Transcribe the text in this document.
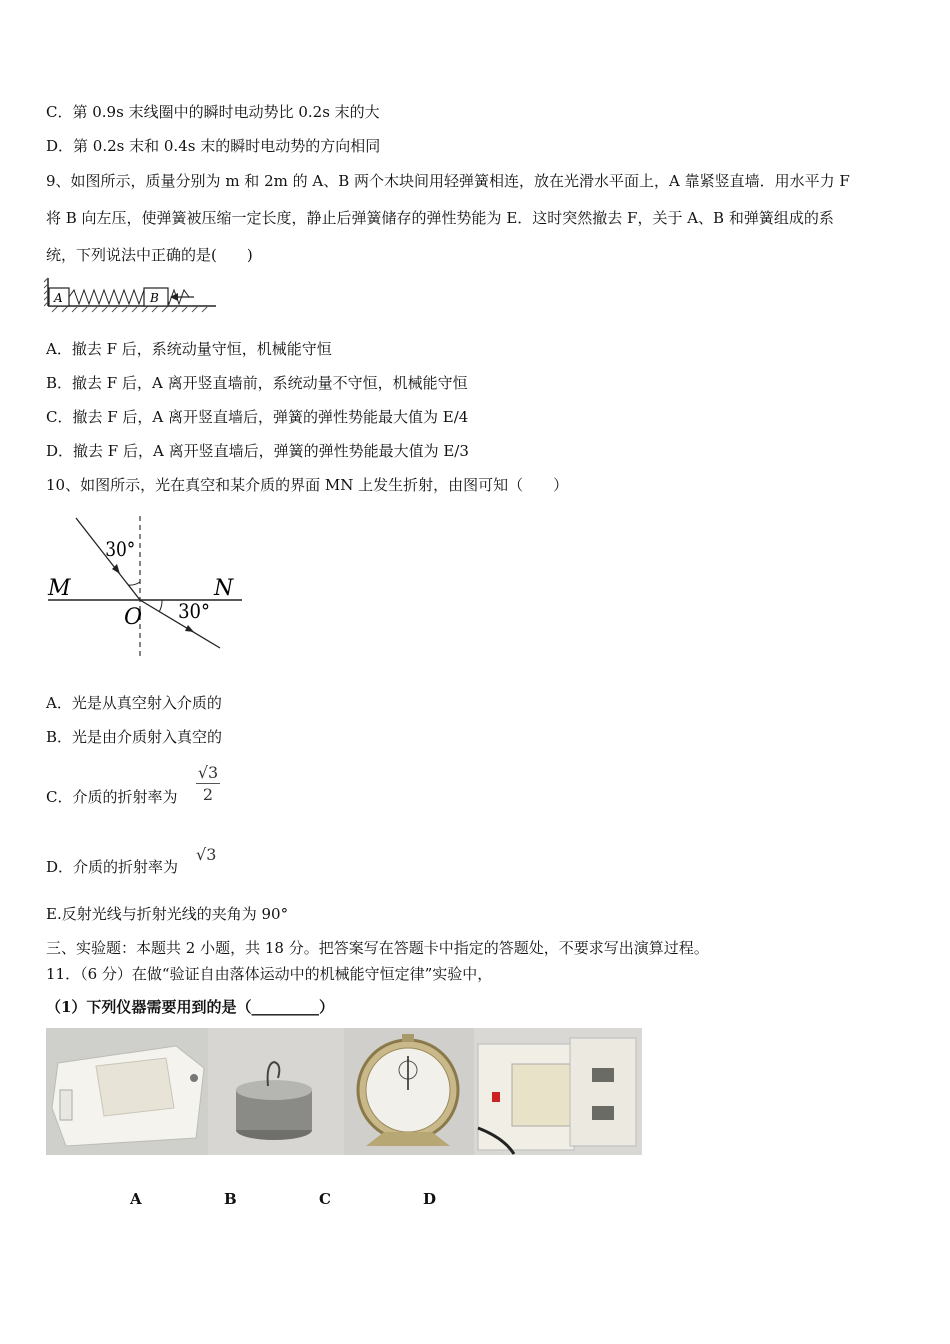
C．第 0.9s 末线圈中的瞬时电动势比 0.2s 末的大
D．第 0.2s 末和 0.4s 末的瞬时电动势的方向相同
9、如图所示，质量分别为 m 和 2m 的 A、B 两个木块间用轻弹簧相连，放在光滑水平面上，A 靠紧竖直墙．用水平力 F
将 B 向左压，使弹簧被压缩一定长度，静止后弹簧储存的弹性势能为 E．这时突然撤去 F，关于 A、B 和弹簧组成的系
统，下列说法中正确的是(　　)
A	B
A．撤去 F 后，系统动量守恒，机械能守恒
B．撤去 F 后，A 离开竖直墙前，系统动量不守恒，机械能守恒
C．撤去 F 后，A 离开竖直墙后，弹簧的弹性势能最大值为 E/4
D．撤去 F 后，A 离开竖直墙后，弹簧的弹性势能最大值为 E/3
10、如图所示，光在真空和某介质的界面 MN 上发生折射，由图可知（　　）
30°
M	N
O 30°
A．光是从真空射入介质的
B．光是由介质射入真空的
C．介质的折射率为
√3
2
D．介质的折射率为
√3
E.反射光线与折射光线的夹角为 90°
三、实验题：本题共 2 小题，共 18 分。把答案写在答题卡中指定的答题处，不要求写出演算过程。
11．（6 分）在做“验证自由落体运动中的机械能守恒定律”实验中，
（1）下列仪器需要用到的是（_________）
A	B	C	D
